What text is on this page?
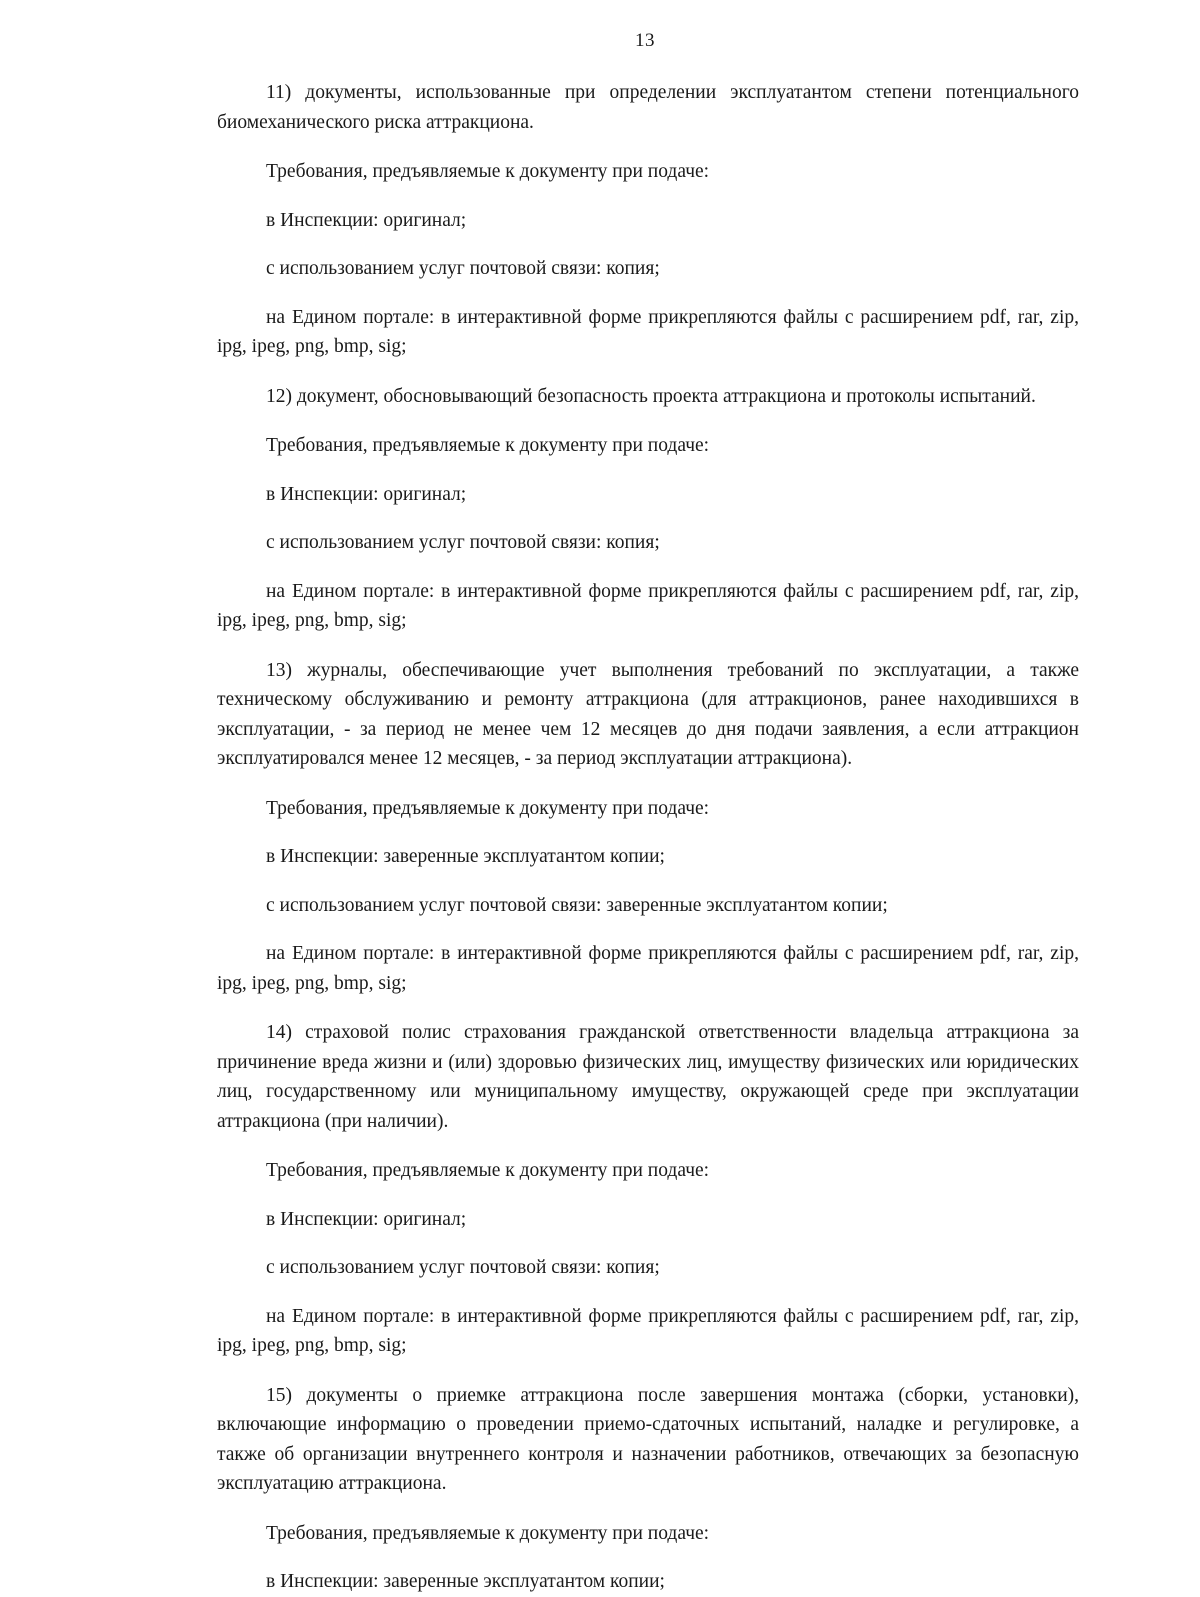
13

11) документы, использованные при определении эксплуатантом степени потенциального биомеханического риска аттракциона.

Требования, предъявляемые к документу при подаче:

в Инспекции: оригинал;

с использованием услуг почтовой связи: копия;

на Едином портале: в интерактивной форме прикрепляются файлы с расширением pdf, rar, zip, ipg, ipeg, png, bmp, sig;

12) документ, обосновывающий безопасность проекта аттракциона и протоколы испытаний.

Требования, предъявляемые к документу при подаче:

в Инспекции: оригинал;

с использованием услуг почтовой связи: копия;

на Едином портале: в интерактивной форме прикрепляются файлы с расширением pdf, rar, zip, ipg, ipeg, png, bmp, sig;

13) журналы, обеспечивающие учет выполнения требований по эксплуатации, а также техническому обслуживанию и ремонту аттракциона (для аттракционов, ранее находившихся в эксплуатации, - за период не менее чем 12 месяцев до дня подачи заявления, а если аттракцион эксплуатировался менее 12 месяцев, - за период эксплуатации аттракциона).

Требования, предъявляемые к документу при подаче:

в Инспекции: заверенные эксплуатантом копии;

с использованием услуг почтовой связи: заверенные эксплуатантом копии;

на Едином портале: в интерактивной форме прикрепляются файлы с расширением pdf, rar, zip, ipg, ipeg, png, bmp, sig;

14) страховой полис страхования гражданской ответственности владельца аттракциона за причинение вреда жизни и (или) здоровью физических лиц, имуществу физических или юридических лиц, государственному или муниципальному имуществу, окружающей среде при эксплуатации аттракциона (при наличии).

Требования, предъявляемые к документу при подаче:

в Инспекции: оригинал;

с использованием услуг почтовой связи: копия;

на Едином портале: в интерактивной форме прикрепляются файлы с расширением pdf, rar, zip, ipg, ipeg, png, bmp, sig;

15) документы о приемке аттракциона после завершения монтажа (сборки, установки), включающие информацию о проведении приемо-сдаточных испытаний, наладке и регулировке, а также об организации внутреннего контроля и назначении работников, отвечающих за безопасную эксплуатацию аттракциона.

Требования, предъявляемые к документу при подаче:

в Инспекции: заверенные эксплуатантом копии;
